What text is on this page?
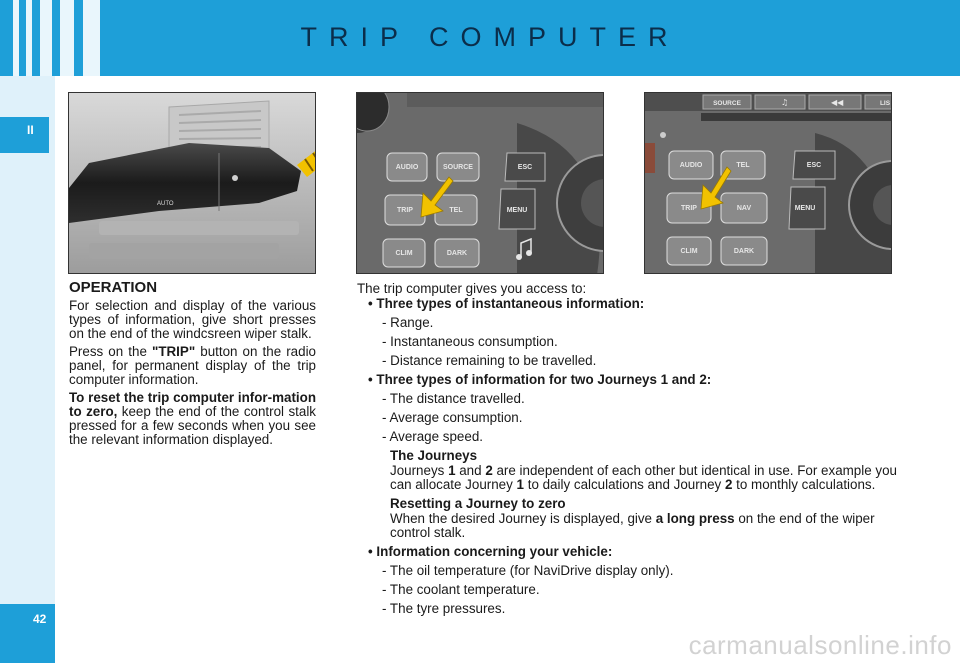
TRIP COMPUTER
II
42
AUTO
AUDIO	SOURCE	ESC
TRIP	TEL	MENU
CLIM	DARK
SOURCE	LIS
♫	◀◀
AUDIO	TEL	ESC
TRIP	NAV	MENU
CLIM	DARK
OPERATION

For selection and display of the various types of information, give short presses on the end of the windcsreen wiper stalk.

Press on the "TRIP" button on the radio panel, for permanent display of the trip computer information.

To reset the trip computer infor-mation to zero, keep the end of the control stalk pressed for a few seconds when you see the relevant information displayed.

The trip computer gives you access to:
• Three types of instantaneous information:
- Range.
- Instantaneous consumption.
- Distance remaining to be travelled.
• Three types of information for two Journeys 1 and 2:
- The distance travelled.
- Average consumption.
- Average speed.
The Journeys
Journeys 1 and 2 are independent of each other but identical in use. For example you can allocate Journey 1 to daily calculations and Journey 2 to monthly calculations.
Resetting a Journey to zero
When the desired Journey is displayed, give a long press on the end of the wiper control stalk.
• Information concerning your vehicle:
- The oil temperature (for NaviDrive display only).
- The coolant temperature.
- The tyre pressures.
carmanualsonline.info
